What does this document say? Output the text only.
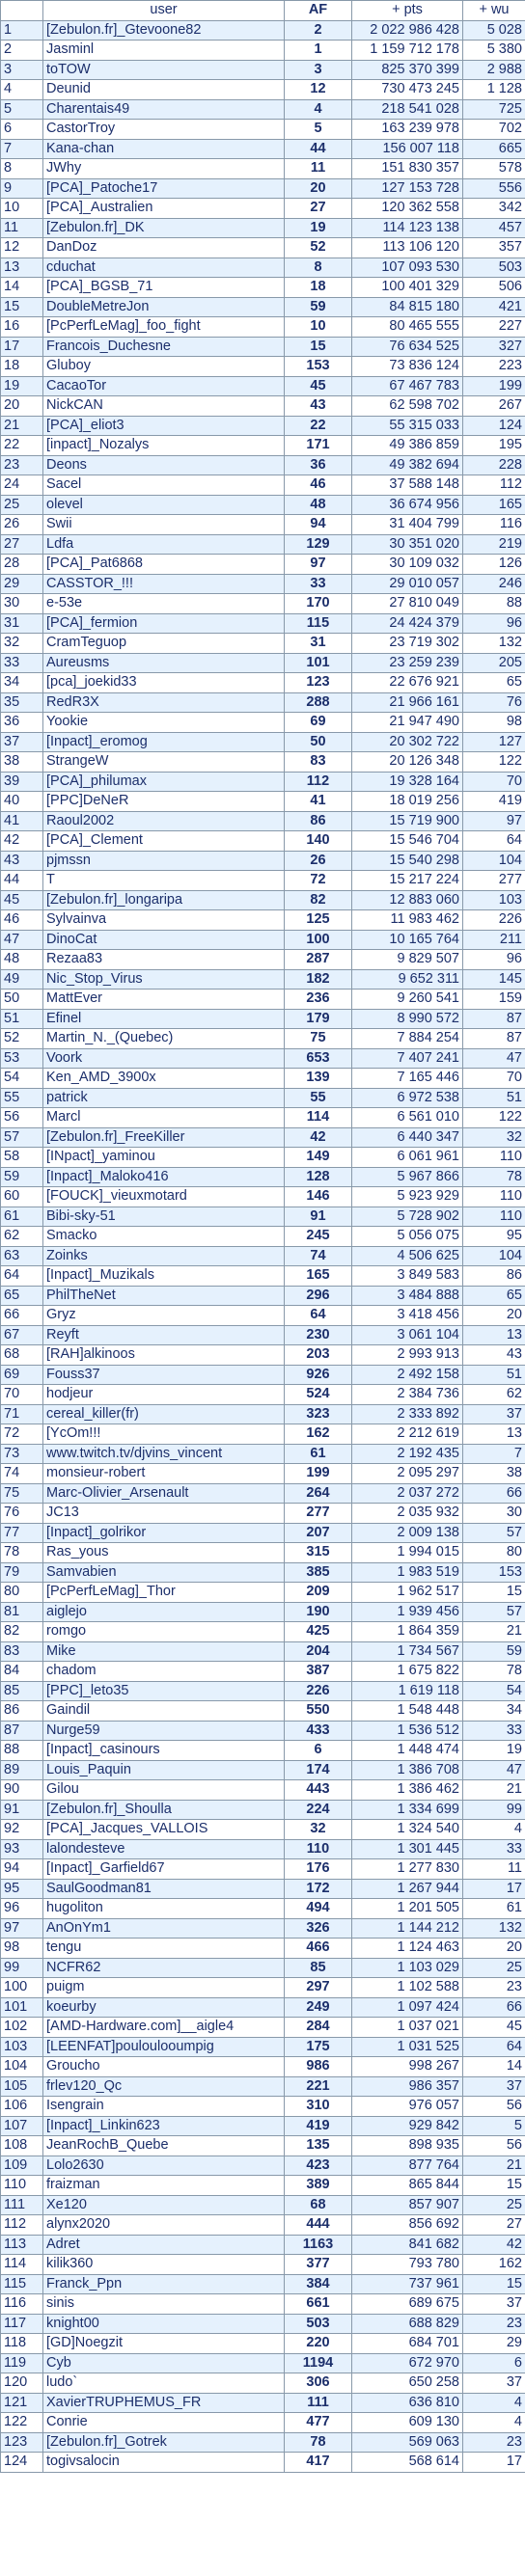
	user	AF	+ pts	+ wu
1	[Zebulon.fr]_Gtevoone82	2	2 022 986 428	5 028
2	Jasminl	1	1 159 712 178	5 380
3	toTOW	3	825 370 399	2 988
4	Deunid	12	730 473 245	1 128
5	Charentais49	4	218 541 028	725
6	CastorTroy	5	163 239 978	702
7	Kana-chan	44	156 007 118	665
8	JWhy	11	151 830 357	578
9	[PCA]_Patoche17	20	127 153 728	556
10	[PCA]_Australien	27	120 362 558	342
11	[Zebulon.fr]_DK	19	114 123 138	457
12	DanDoz	52	113 106 120	357
13	cduchat	8	107 093 530	503
14	[PCA]_BGSB_71	18	100 401 329	506
15	DoubleMetreJon	59	84 815 180	421
16	[PcPerfLeMag]_foo_fight	10	80 465 555	227
17	Francois_Duchesne	15	76 634 525	327
18	Gluboy	153	73 836 124	223
19	CacaoTor	45	67 467 783	199
20	NickCAN	43	62 598 702	267
21	[PCA]_eliot3	22	55 315 033	124
22	[inpact]_Nozalys	171	49 386 859	195
23	Deons	36	49 382 694	228
24	Sacel	46	37 588 148	112
25	olevel	48	36 674 956	165
26	Swii	94	31 404 799	116
27	Ldfa	129	30 351 020	219
28	[PCA]_Pat6868	97	30 109 032	126
29	CASSTOR_!!!	33	29 010 057	246
30	e-53e	170	27 810 049	88
31	[PCA]_fermion	115	24 424 379	96
32	CramTeguop	31	23 719 302	132
33	Aureusms	101	23 259 239	205
34	[pca]_joekid33	123	22 676 921	65
35	RedR3X	288	21 966 161	76
36	Yookie	69	21 947 490	98
37	[Inpact]_eromog	50	20 302 722	127
38	StrangeW	83	20 126 348	122
39	[PCA]_philumax	112	19 328 164	70
40	[PPC]DeNeR	41	18 019 256	419
41	Raoul2002	86	15 719 900	97
42	[PCA]_Clement	140	15 546 704	64
43	pjmssn	26	15 540 298	104
44	T	72	15 217 224	277
45	[Zebulon.fr]_longaripa	82	12 883 060	103
46	Sylvainva	125	11 983 462	226
47	DinoCat	100	10 165 764	211
48	Rezaa83	287	9 829 507	96
49	Nic_Stop_Virus	182	9 652 311	145
50	MattEver	236	9 260 541	159
51	Efinel	179	8 990 572	87
52	Martin_N._(Quebec)	75	7 884 254	87
53	Voork	653	7 407 241	47
54	Ken_AMD_3900x	139	7 165 446	70
55	patrick	55	6 972 538	51
56	Marcl	114	6 561 010	122
57	[Zebulon.fr]_FreeKiller	42	6 440 347	32
58	[INpact]_yaminou	149	6 061 961	110
59	[Inpact]_Maloko416	128	5 967 866	78
60	[FOUCK]_vieuxmotard	146	5 923 929	110
61	Bibi-sky-51	91	5 728 902	110
62	Smacko	245	5 056 075	95
63	Zoinks	74	4 506 625	104
64	[Inpact]_Muzikals	165	3 849 583	86
65	PhilTheNet	296	3 484 888	65
66	Gryz	64	3 418 456	20
67	Reyft	230	3 061 104	13
68	[RAH]alkinoos	203	2 993 913	43
69	Fouss37	926	2 492 158	51
70	hodjeur	524	2 384 736	62
71	cereal_killer(fr)	323	2 333 892	37
72	[YcOm!!!	162	2 212 619	13
73	www.twitch.tv/djvins_vincent	61	2 192 435	7
74	monsieur-robert	199	2 095 297	38
75	Marc-Olivier_Arsenault	264	2 037 272	66
76	JC13	277	2 035 932	30
77	[Inpact]_golrikor	207	2 009 138	57
78	Ras_yous	315	1 994 015	80
79	Samvabien	385	1 983 519	153
80	[PcPerfLeMag]_Thor	209	1 962 517	15
81	aiglejo	190	1 939 456	57
82	romgo	425	1 864 359	21
83	Mike	204	1 734 567	59
84	chadom	387	1 675 822	78
85	[PPC]_leto35	226	1 619 118	54
86	Gaindil	550	1 548 448	34
87	Nurge59	433	1 536 512	33
88	[Inpact]_casinours	6	1 448 474	19
89	Louis_Paquin	174	1 386 708	47
90	Gilou	443	1 386 462	21
91	[Zebulon.fr]_Shoulla	224	1 334 699	99
92	[PCA]_Jacques_VALLOIS	32	1 324 540	4
93	lalondesteve	110	1 301 445	33
94	[Inpact]_Garfield67	176	1 277 830	11
95	SaulGoodman81	172	1 267 944	17
96	hugoliton	494	1 201 505	61
97	AnOnYm1	326	1 144 212	132
98	tengu	466	1 124 463	20
99	NCFR62	85	1 103 029	25
100	puigm	297	1 102 588	23
101	koeurby	249	1 097 424	66
102	[AMD-Hardware.com]__aigle4	284	1 037 021	45
103	[LEENFAT]pouloulooumpig	175	1 031 525	64
104	Groucho	986	998 267	14
105	frlev120_Qc	221	986 357	37
106	Isengrain	310	976 057	56
107	[Inpact]_Linkin623	419	929 842	5
108	JeanRochB_Quebe	135	898 935	56
109	Lolo2630	423	877 764	21
110	fraizman	389	865 844	15
111	Xe120	68	857 907	25
112	alynx2020	444	856 692	27
113	Adret	1163	841 682	42
114	kilik360	377	793 780	162
115	Franck_Ppn	384	737 961	15
116	sinis	661	689 675	37
117	knight00	503	688 829	23
118	[GD]Noegzit	220	684 701	29
119	Cyb	1194	672 970	6
120	ludo`	306	650 258	37
121	XavierTRUPHEMUS_FR	111	636 810	4
122	Conrie	477	609 130	4
123	[Zebulon.fr]_Gotrek	78	569 063	23
124	togivsalocin	417	568 614	17
